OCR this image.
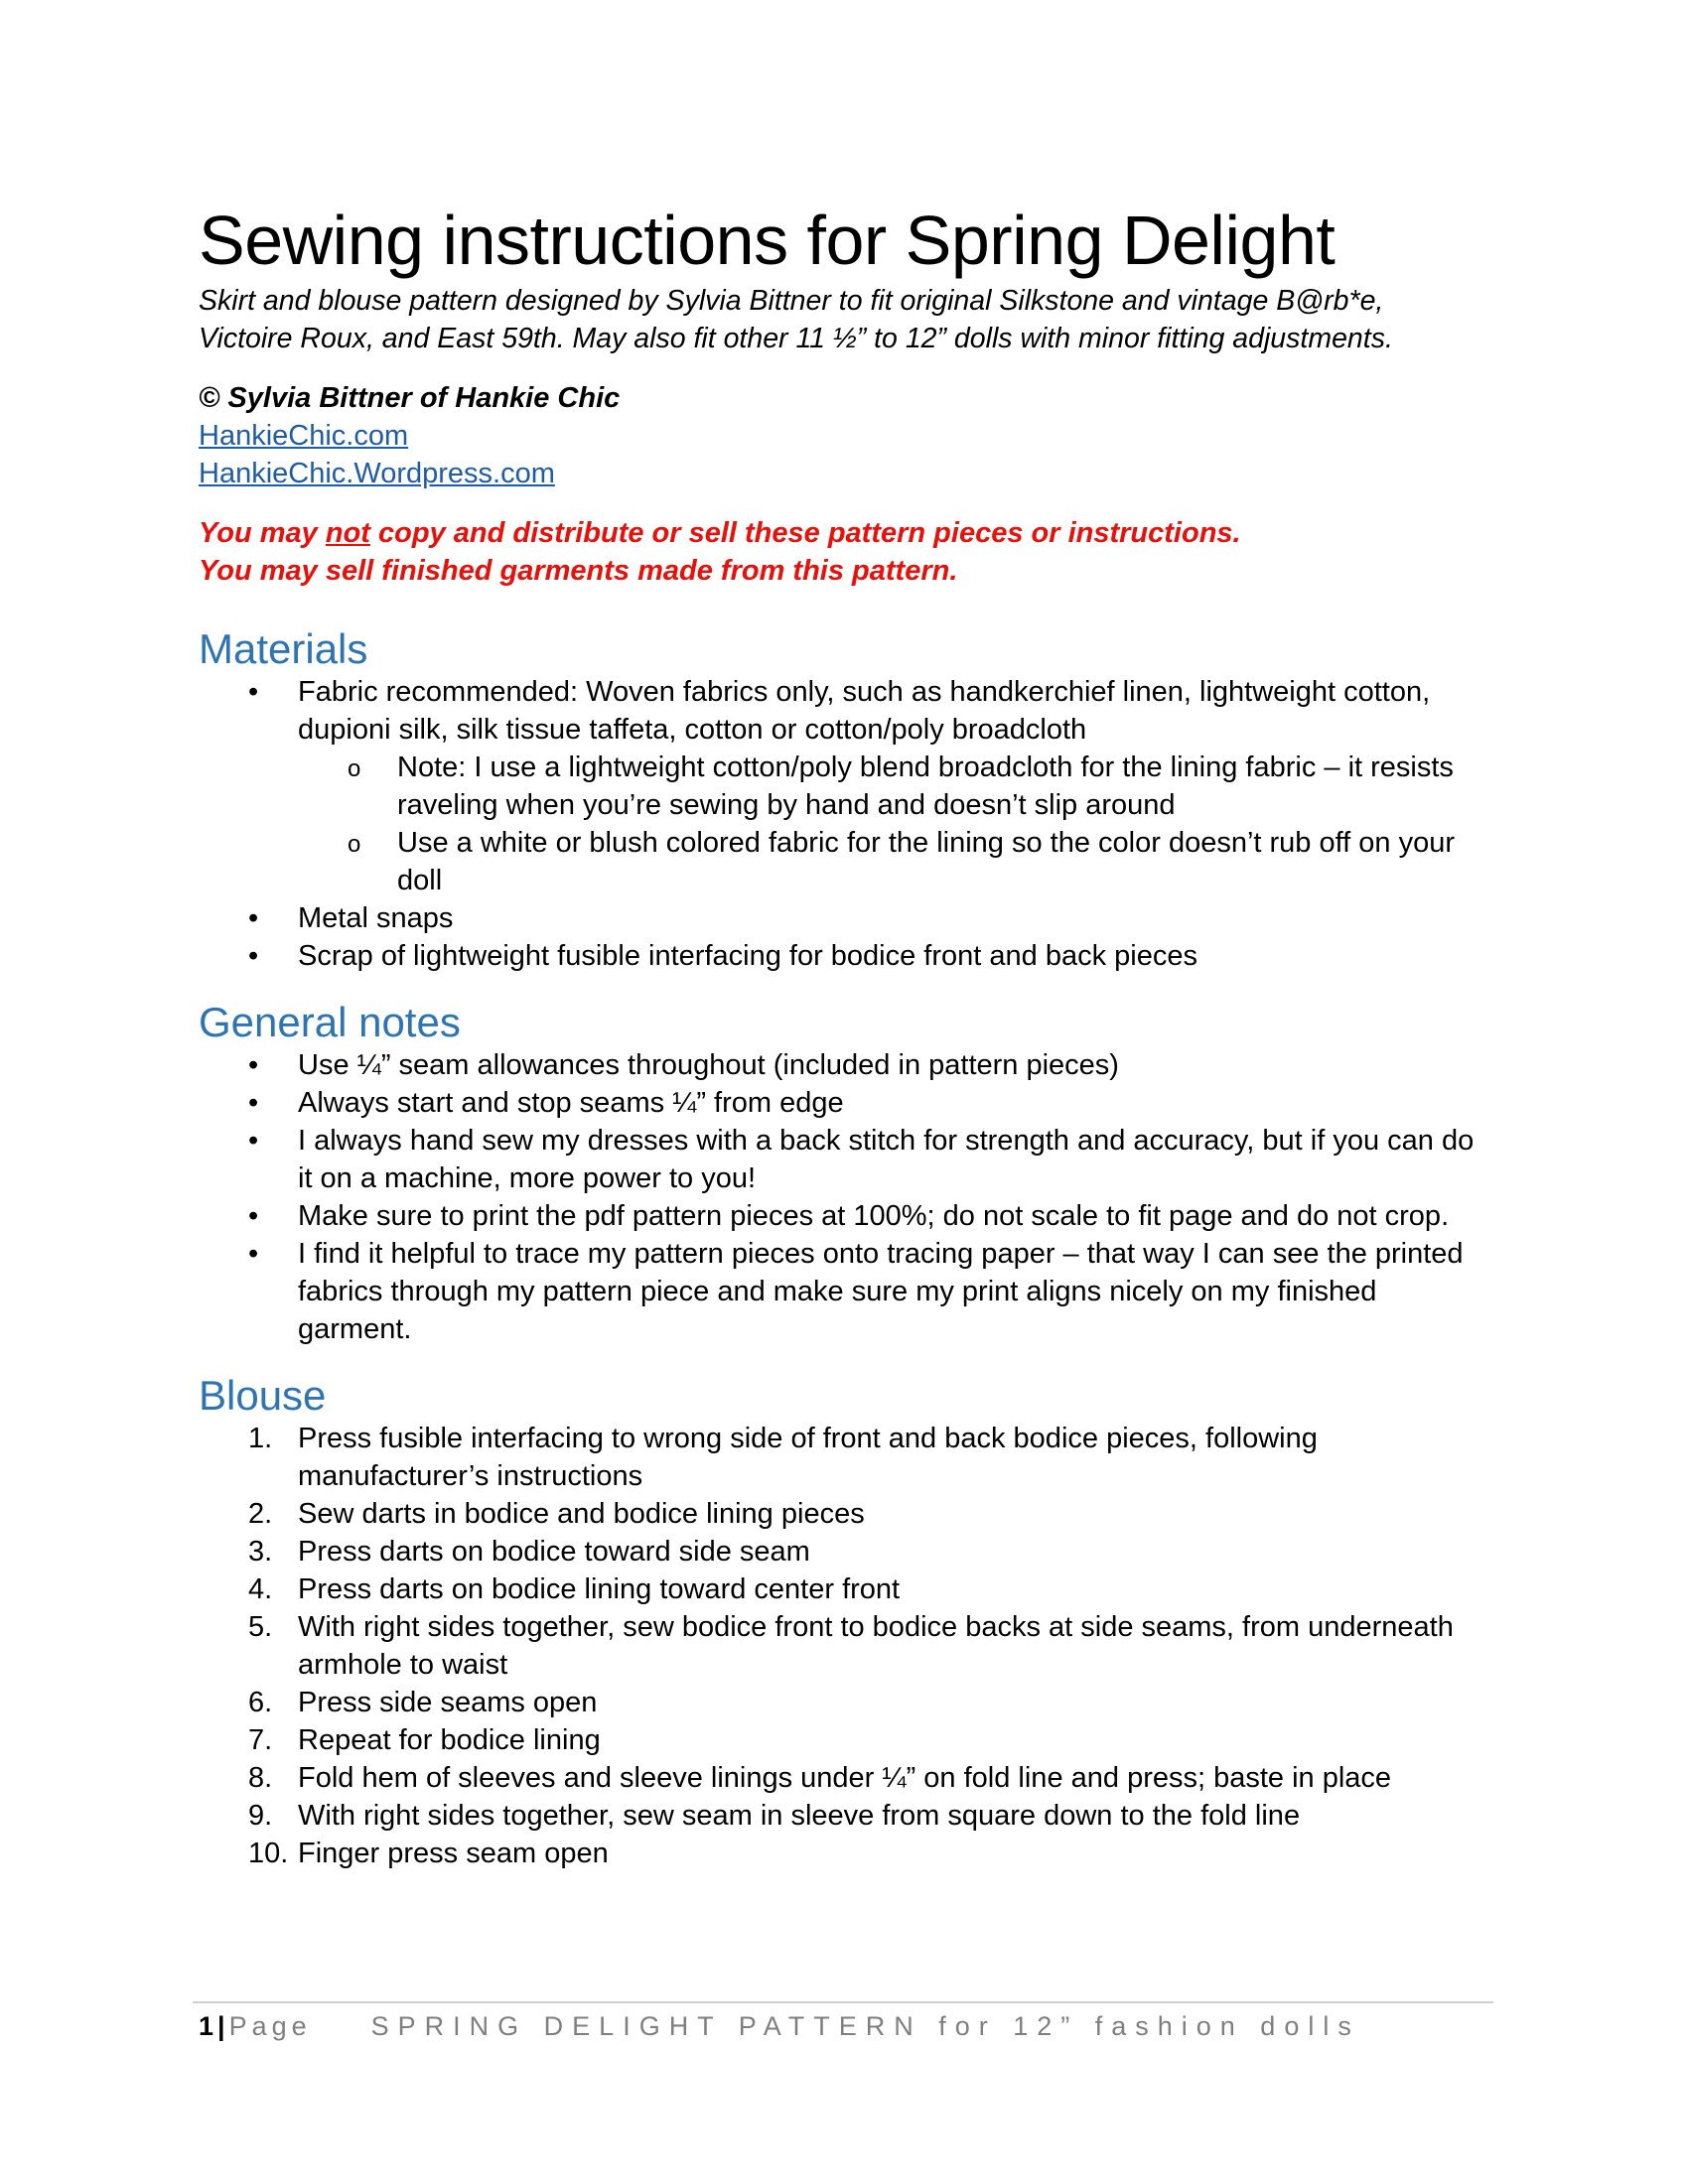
Sewing instructions for Spring Delight

Skirt and blouse pattern designed by Sylvia Bittner to fit original Silkstone and vintage B@rb*e,

Victoire Roux, and East 59th. May also fit other 11 ½” to 12” dolls with minor fitting adjustments.

© Sylvia Bittner of Hankie Chic
HankieChic.com
HankieChic.Wordpress.com
You may not copy and distribute or sell these pattern pieces or instructions.
You may sell finished garments made from this pattern.
Materials
• Fabric recommended: Woven fabrics only, such as handkerchief linen, lightweight cotton, dupioni silk, silk tissue taffeta, cotton or cotton/poly broadcloth
o Note: I use a lightweight cotton/poly blend broadcloth for the lining fabric – it resists raveling when you’re sewing by hand and doesn’t slip around
o Use a white or blush colored fabric for the lining so the color doesn’t rub off on your doll
• Metal snaps
• Scrap of lightweight fusible interfacing for bodice front and back pieces
General notes
• Use ¼” seam allowances throughout (included in pattern pieces)
• Always start and stop seams ¼” from edge
• I always hand sew my dresses with a back stitch for strength and accuracy, but if you can do it on a machine, more power to you!
• Make sure to print the pdf pattern pieces at 100%; do not scale to fit page and do not crop.
• I find it helpful to trace my pattern pieces onto tracing paper – that way I can see the printed fabrics through my pattern piece and make sure my print aligns nicely on my finished garment.
Blouse
1. Press fusible interfacing to wrong side of front and back bodice pieces, following manufacturer’s instructions
2. Sew darts in bodice and bodice lining pieces
3. Press darts on bodice toward side seam
4. Press darts on bodice lining toward center front
5. With right sides together, sew bodice front to bodice backs at side seams, from underneath armhole to waist
6. Press side seams open
7. Repeat for bodice lining
8. Fold hem of sleeves and sleeve linings under ¼” on fold line and press; baste in place
9. With right sides together, sew seam in sleeve from square down to the fold line
10. Finger press seam open
1 | Page SPRING DELIGHT PATTERN for 12” fashion dolls
